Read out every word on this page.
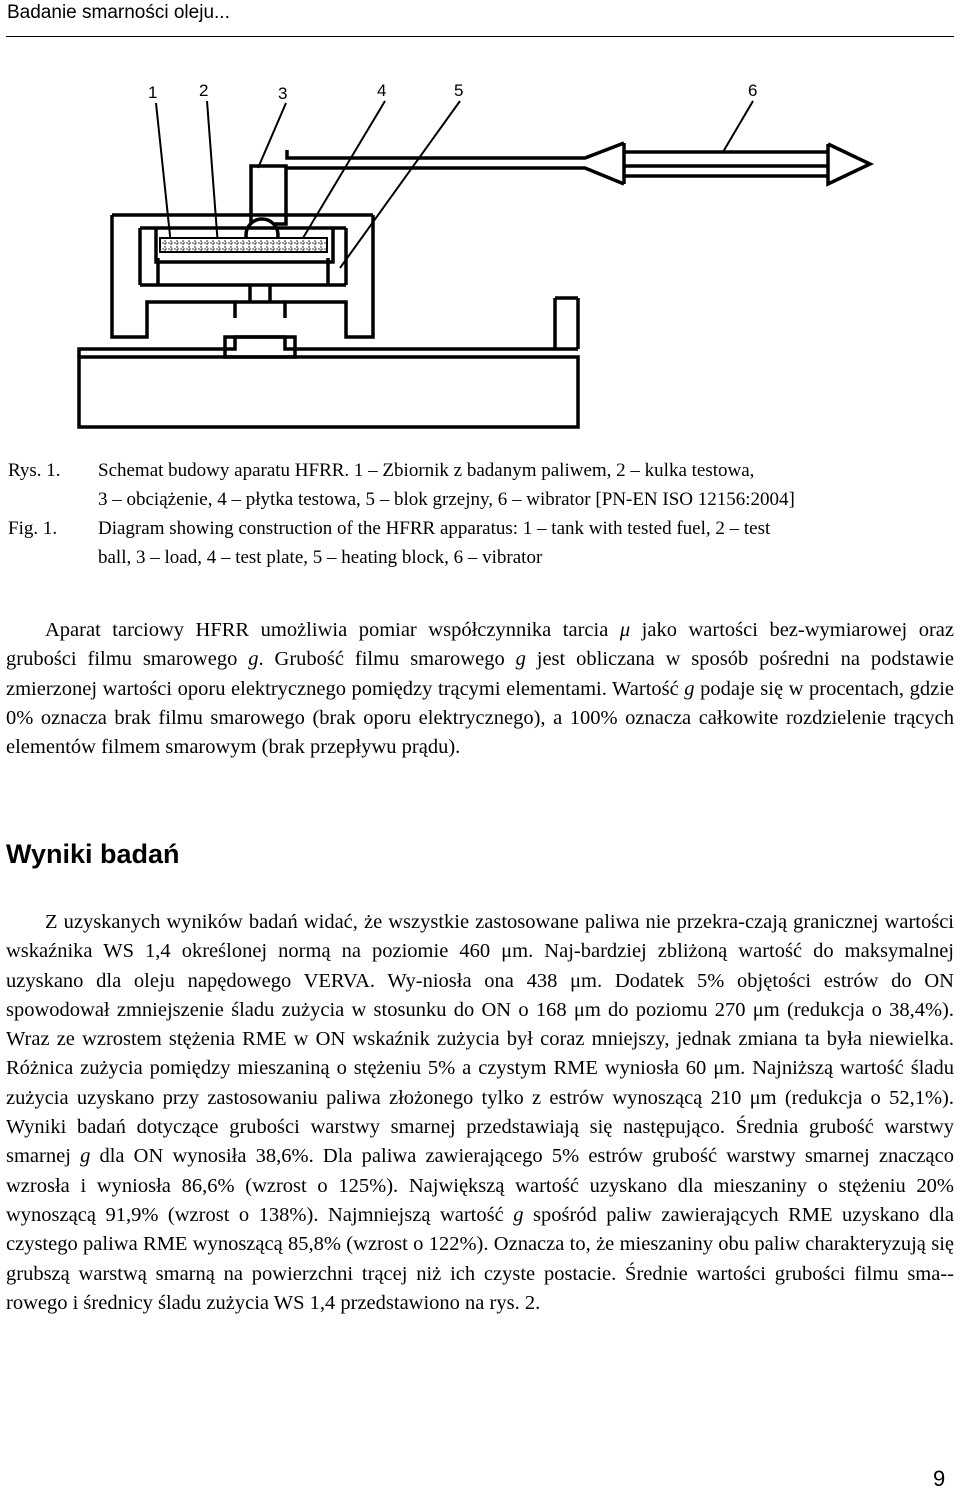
Badanie smarności oleju...
1 2	3	4	5	6
Rys. 1.	Schemat budowy aparatu HFRR. 1 – Zbiornik z badanym paliwem, 2 – kulka testowa,
3 – obciążenie, 4 – płytka testowa, 5 – blok grzejny, 6 – wibrator [PN-EN ISO 12156:2004]
Fig. 1.	Diagram showing construction of the HFRR apparatus: 1 – tank with tested fuel, 2 – test
ball, 3 – load, 4 – test plate, 5 – heating block, 6 – vibrator

Aparat tarciowy HFRR umożliwia pomiar współczynnika tarcia μ jako wartości bez-wymiarowej oraz grubości filmu smarowego g. Grubość filmu smarowego g jest obliczana w sposób pośredni na podstawie zmierzonej wartości oporu elektrycznego pomiędzy trącymi elementami. Wartość g podaje się w procentach, gdzie 0% oznacza brak filmu smarowego (brak oporu elektrycznego), a 100% oznacza całkowite rozdzielenie trących elementów filmem smarowym (brak przepływu prądu).

Wyniki badań

Z uzyskanych wyników badań widać, że wszystkie zastosowane paliwa nie przekra-czają granicznej wartości wskaźnika WS 1,4 określonej normą na poziomie 460 μm. Naj-bardziej zbliżoną wartość do maksymalnej uzyskano dla oleju napędowego VERVA. Wy-niosła ona 438 μm. Dodatek 5% objętości estrów do ON spowodował zmniejszenie śladu zużycia w stosunku do ON o 168 μm do poziomu 270 μm (redukcja o 38,4%). Wraz ze wzrostem stężenia RME w ON wskaźnik zużycia był coraz mniejszy, jednak zmiana ta była niewielka. Różnica zużycia pomiędzy mieszaniną o stężeniu 5% a czystym RME wyniosła 60 μm. Najniższą wartość śladu zużycia uzyskano przy zastosowaniu paliwa złożonego tylko z estrów wynoszącą 210 μm (redukcja o 52,1%). Wyniki badań dotyczące grubości warstwy smarnej przedstawiają się następująco. Średnia grubość warstwy smarnej g dla ON wynosiła 38,6%. Dla paliwa zawierającego 5% estrów grubość warstwy smarnej znacząco wzrosła i wyniosła 86,6% (wzrost o 125%). Największą wartość uzyskano dla mieszaniny o stężeniu 20% wynoszącą 91,9% (wzrost o 138%). Najmniejszą wartość g spośród paliw zawierających RME uzyskano dla czystego paliwa RME wynoszącą 85,8% (wzrost o 122%). Oznacza to, że mieszaniny obu paliw charakteryzują się grubszą warstwą smarną na powierzchni trącej niż ich czyste postacie. Średnie wartości grubości filmu sma-rowego i średnicy śladu zużycia WS 1,4 przedstawiono na rys. 2.

9
